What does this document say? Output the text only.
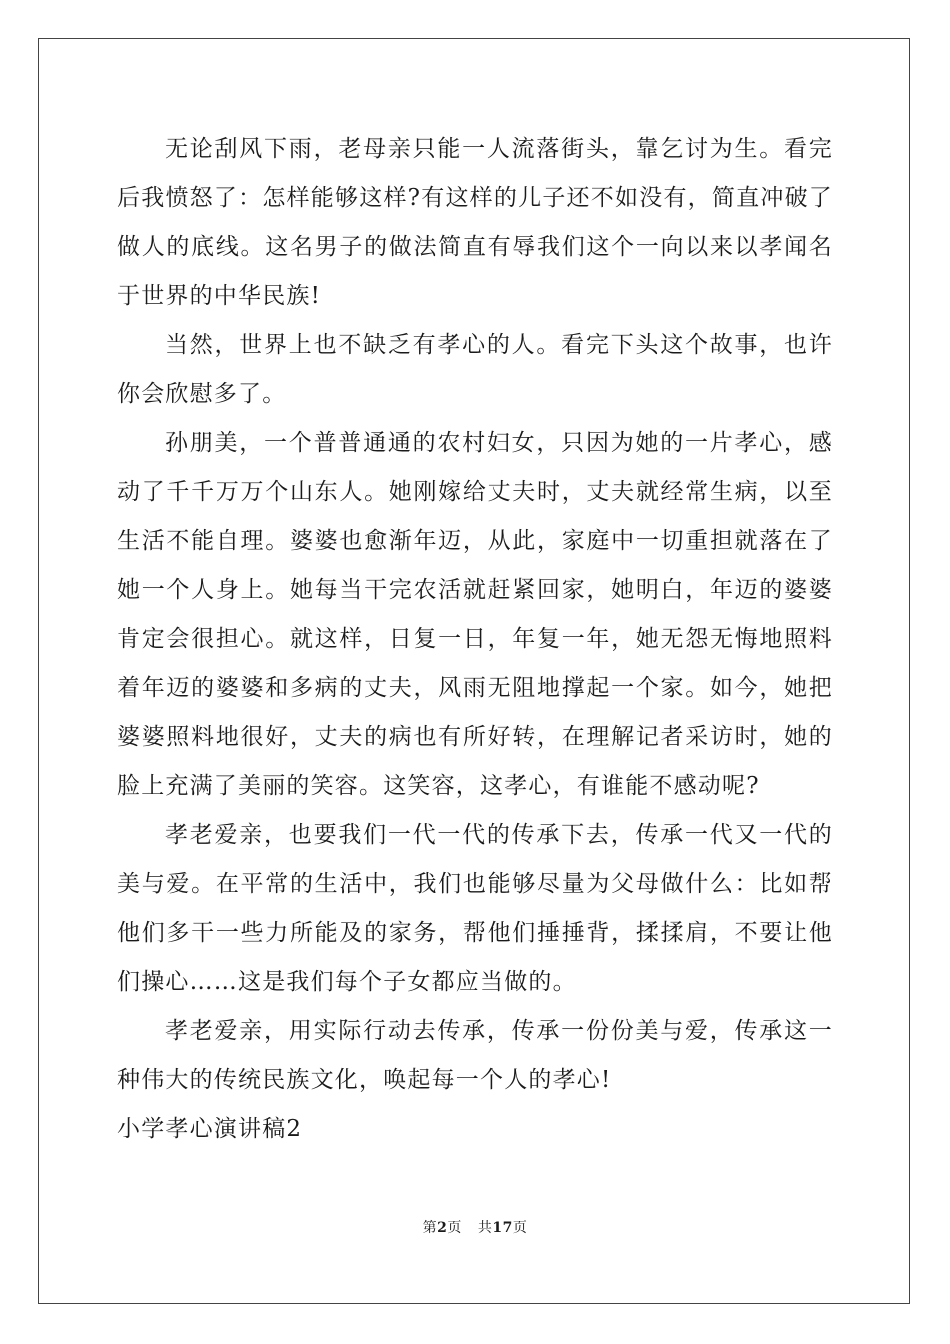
无论刮风下雨，老母亲只能一人流落街头，靠乞讨为生。看完后我愤怒了：怎样能够这样?有这样的儿子还不如没有，简直冲破了做人的底线。这名男子的做法简直有辱我们这个一向以来以孝闻名于世界的中华民族!

当然，世界上也不缺乏有孝心的人。看完下头这个故事，也许你会欣慰多了。

孙朋美，一个普普通通的农村妇女，只因为她的一片孝心，感动了千千万万个山东人。她刚嫁给丈夫时，丈夫就经常生病，以至生活不能自理。婆婆也愈渐年迈，从此，家庭中一切重担就落在了她一个人身上。她每当干完农活就赶紧回家，她明白，年迈的婆婆肯定会很担心。就这样，日复一日，年复一年，她无怨无悔地照料着年迈的婆婆和多病的丈夫，风雨无阻地撑起一个家。如今，她把婆婆照料地很好，丈夫的病也有所好转，在理解记者采访时，她的脸上充满了美丽的笑容。这笑容，这孝心，有谁能不感动呢?

孝老爱亲，也要我们一代一代的传承下去，传承一代又一代的美与爱。在平常的生活中，我们也能够尽量为父母做什么：比如帮他们多干一些力所能及的家务，帮他们捶捶背，揉揉肩，不要让他们操心……这是我们每个子女都应当做的。

孝老爱亲，用实际行动去传承，传承一份份美与爱，传承这一种伟大的传统民族文化，唤起每一个人的孝心!

小学孝心演讲稿2

第2页 共17页
